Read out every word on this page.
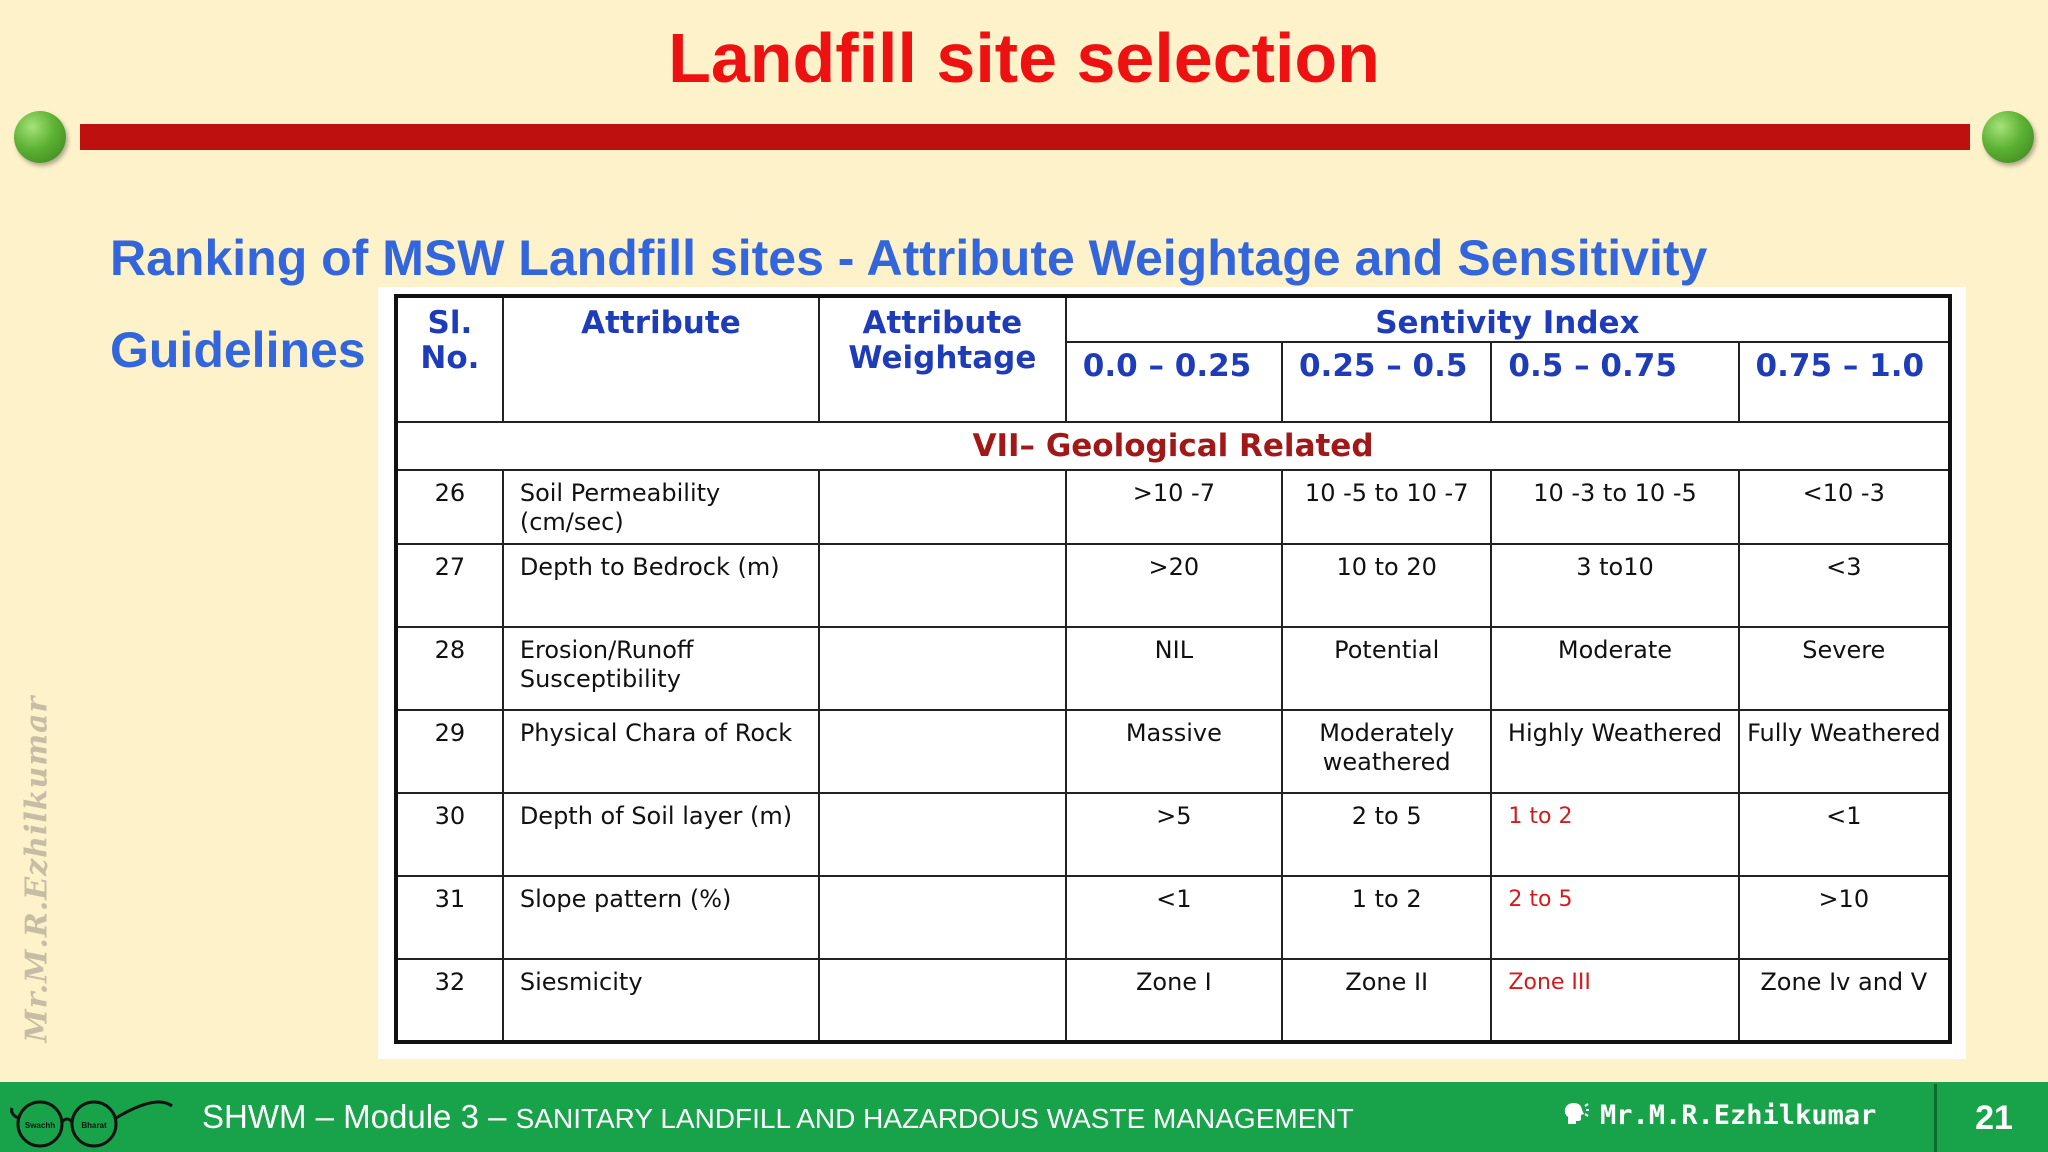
Landfill site selection
Ranking of MSW Landfill sites - Attribute Weightage and Sensitivity
Guidelines Sl. No.	Attribute	Attribute Weightage	Sentivity Index			
			0.0 – 0.25	0.25 – 0.5	0.5 – 0.75	0.75 – 1.0
VII– Geological Related						
26	Soil Permeability  (cm/sec)		>10 -7	10 -5 to 10 -7	10 -3 to 10 -5	<10 -3
27	Depth to Bedrock (m)		>20	10 to 20	3 to10	<3
28	Erosion/Runoff Susceptibility		NIL	Potential	Moderate	Severe
29	Physical Chara of Rock		Massive	Moderately weathered	Highly Weathered	Fully Weathered
30	Depth of Soil layer (m)		>5	2 to 5	1 to 2	<1
31	Slope pattern (%)		<1	1 to 2	2 to 5	>10
32	Siesmicity		Zone I	Zone II	Zone III	Zone Iv and V
Mr.M.R.Ezhilkumar
Swachh	Bharat	SHWM – Module 3 – SANITARY LANDFILL AND HAZARDOUS WASTE MANAGEMENT	Mr.M.R.Ezhilkumar	21
